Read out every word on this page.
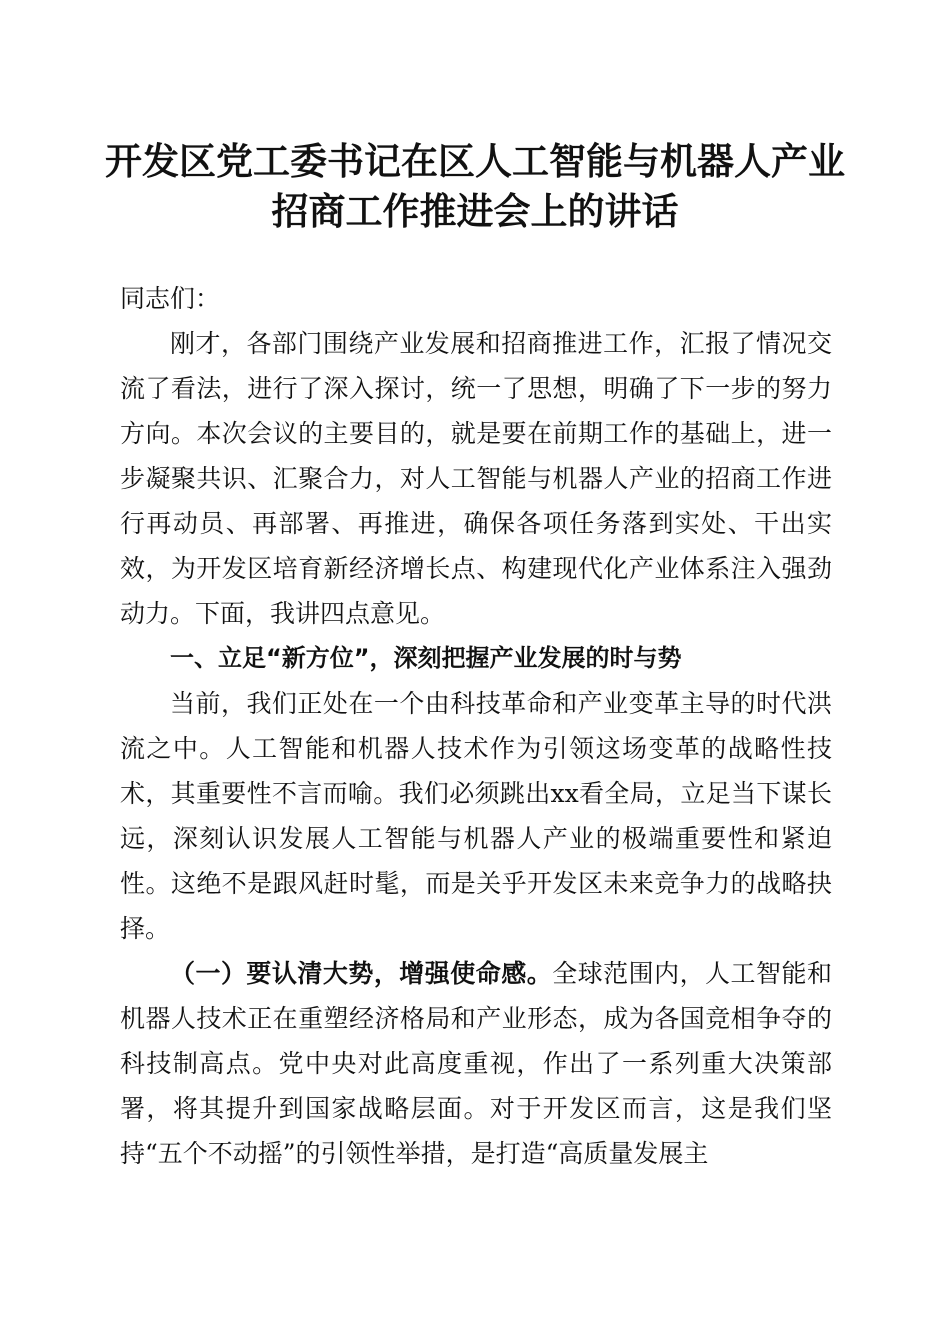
开发区党工委书记在区人工智能与机器人产业
招商工作推进会上的讲话

同志们：

刚才，各部门围绕产业发展和招商推进工作，汇报了情况交流了看法，进行了深入探讨，统一了思想，明确了下一步的努力方向。本次会议的主要目的，就是要在前期工作的基础上，进一步凝聚共识、汇聚合力，对人工智能与机器人产业的招商工作进行再动员、再部署、再推进，确保各项任务落到实处、干出实效，为开发区培育新经济增长点、构建现代化产业体系注入强劲动力。下面，我讲四点意见。

一、立足“新方位”，深刻把握产业发展的时与势

当前，我们正处在一个由科技革命和产业变革主导的时代洪流之中。人工智能和机器人技术作为引领这场变革的战略性技术，其重要性不言而喻。我们必须跳出xx看全局，立足当下谋长远，深刻认识发展人工智能与机器人产业的极端重要性和紧迫性。这绝不是跟风赶时髦，而是关乎开发区未来竞争力的战略抉择。

（一）要认清大势，增强使命感。全球范围内，人工智能和机器人技术正在重塑经济格局和产业形态，成为各国竞相争夺的科技制高点。党中央对此高度重视，作出了一系列重大决策部署，将其提升到国家战略层面。对于开发区而言，这是我们坚持“五个不动摇”的引领性举措，是打造“高质量发展主
